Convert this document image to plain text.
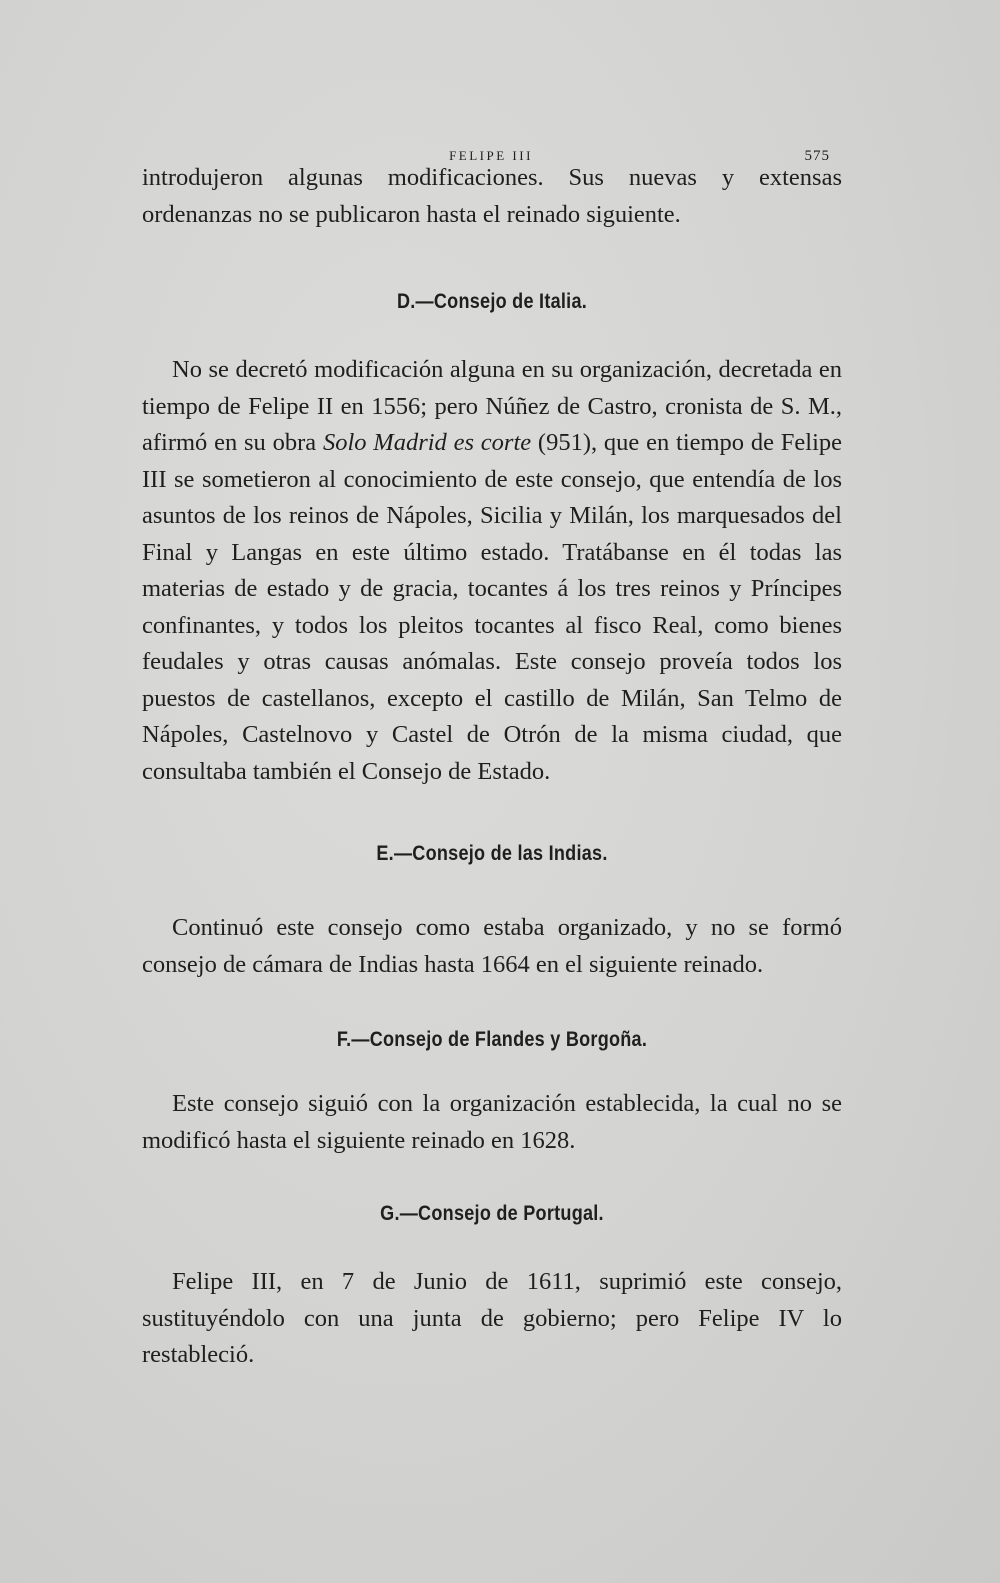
FELIPE III	575

introdujeron algunas modificaciones. Sus nuevas y extensas ordenanzas no se publicaron hasta el reinado siguiente.

D.—Consejo de Italia.

No se decretó modificación alguna en su organización, decretada en tiempo de Felipe II en 1556; pero Núñez de Castro, cronista de S. M., afirmó en su obra Solo Madrid es corte (951), que en tiempo de Felipe III se sometieron al conocimiento de este consejo, que entendía de los asuntos de los reinos de Nápoles, Sicilia y Milán, los marquesados del Final y Langas en este último estado. Tratábanse en él todas las materias de estado y de gracia, tocantes á los tres reinos y Príncipes confinantes, y todos los pleitos tocantes al fisco Real, como bienes feudales y otras causas anómalas. Este consejo proveía todos los puestos de castellanos, excepto el castillo de Milán, San Telmo de Nápoles, Castelnovo y Castel de Otrón de la misma ciudad, que consultaba también el Consejo de Estado.

E.—Consejo de las Indias.

Continuó este consejo como estaba organizado, y no se formó consejo de cámara de Indias hasta 1664 en el siguiente reinado.

F.—Consejo de Flandes y Borgoña.

Este consejo siguió con la organización establecida, la cual no se modificó hasta el siguiente reinado en 1628.

G.—Consejo de Portugal.

Felipe III, en 7 de Junio de 1611, suprimió este consejo, sustituyéndolo con una junta de gobierno; pero Felipe IV lo restableció.
